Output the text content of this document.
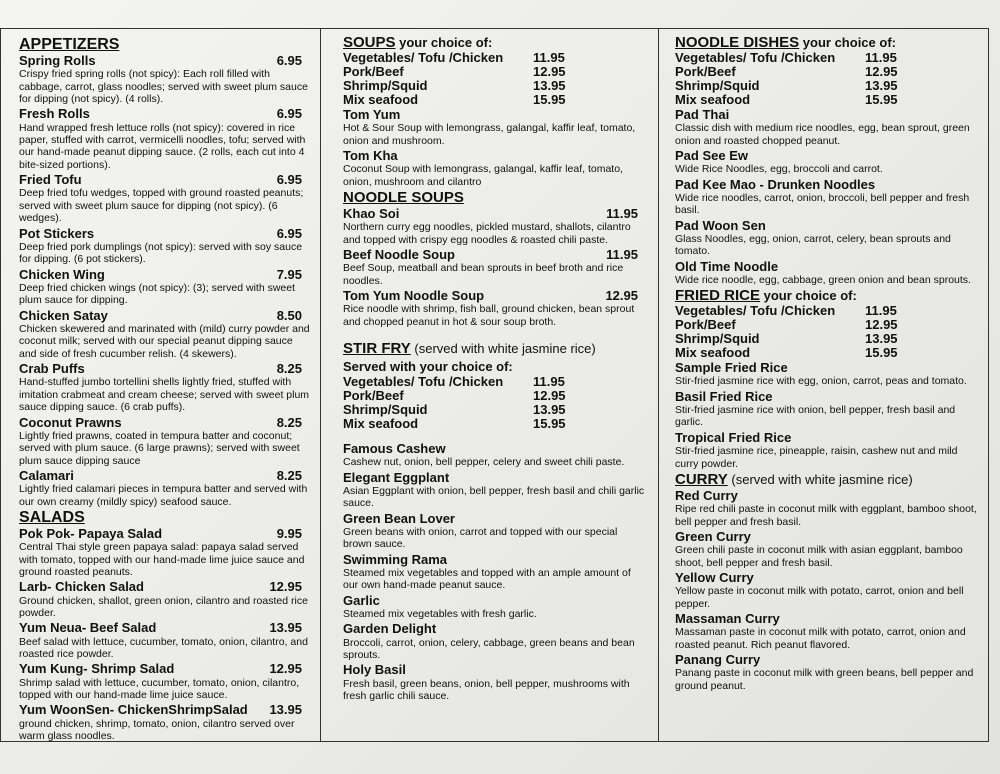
APPETIZERS
Spring Rolls	6.95
Crispy fried spring rolls (not spicy): Each roll filled with cabbage, carrot, glass noodles; served with sweet plum sauce for dipping (not spicy). (4 rolls).
Fresh Rolls	6.95
Hand wrapped fresh lettuce rolls (not spicy): covered in rice paper, stuffed with carrot, vermicelli noodles, tofu; served with our hand-made peanut dipping sauce. (2 rolls, each cut into 4 bite-sized portions).
Fried Tofu	6.95
Deep fried tofu wedges, topped with ground roasted peanuts; served with sweet plum sauce for dipping (not spicy). (6 wedges).
Pot Stickers	6.95
Deep fried pork dumplings (not spicy): served with soy sauce for dipping. (6 pot stickers).
Chicken Wing	7.95
Deep fried chicken wings (not spicy): (3); served with sweet plum sauce for dipping.
Chicken Satay	8.50
Chicken skewered and marinated with (mild) curry powder and coconut milk; served with our special peanut dipping sauce and side of fresh cucumber relish. (4 skewers).
Crab Puffs	8.25
Hand-stuffed jumbo tortellini shells lightly fried, stuffed with imitation crabmeat and cream cheese; served with sweet plum sauce dipping sauce. (6 crab puffs).
Coconut Prawns	8.25
Lightly fried prawns, coated in tempura batter and coconut; served with plum sauce. (6 large prawns); served with sweet plum sauce dipping sauce
Calamari	8.25
Lightly fried calamari pieces in tempura batter and served with our own creamy (mildly spicy) seafood sauce.
SALADS
Pok Pok- Papaya Salad	9.95
Central Thai style green papaya salad: papaya salad served with tomato, topped with our hand-made lime juice sauce and ground roasted peanuts.
Larb- Chicken Salad	12.95
Ground chicken, shallot, green onion, cilantro and roasted rice powder.
Yum Neua- Beef Salad	13.95
Beef salad with lettuce, cucumber, tomato, onion, cilantro, and roasted rice powder.
Yum Kung- Shrimp Salad	12.95
Shrimp salad with lettuce, cucumber, tomato, onion, cilantro, topped with our hand-made lime juice sauce.
Yum WoonSen- ChickenShrimpSalad 13.95
ground chicken, shrimp, tomato, onion, cilantro served over warm glass noodles.
SOUPS your choice of:
Vegetables/ Tofu /Chicken	11.95
Pork/Beef	12.95
Shrimp/Squid	13.95
Mix seafood	15.95
Tom Yum
Hot & Sour Soup with lemongrass, galangal, kaffir leaf, tomato, onion and mushroom.
Tom Kha
Coconut Soup with lemongrass, galangal, kaffir leaf, tomato, onion, mushroom and cilantro
NOODLE SOUPS
Khao Soi	11.95
Northern curry egg noodles, pickled mustard, shallots, cilantro and topped with crispy egg noodles & roasted chili paste.
Beef Noodle Soup	11.95
Beef Soup, meatball and bean sprouts in beef broth and rice noodles.
Tom Yum Noodle Soup	12.95
Rice noodle with shrimp, fish ball, ground chicken, bean sprout and chopped peanut in hot & sour soup broth.
STIR FRY (served with white jasmine rice)
Served with your choice of:
Vegetables/ Tofu /Chicken	11.95
Pork/Beef	12.95
Shrimp/Squid	13.95
Mix seafood	15.95
Famous Cashew
Cashew nut, onion, bell pepper, celery and sweet chili paste.
Elegant Eggplant
Asian Eggplant with onion, bell pepper, fresh basil and chili garlic sauce.
Green Bean Lover
Green beans with onion, carrot and topped with our special brown sauce.
Swimming Rama
Steamed mix vegetables and topped with an ample amount of our own hand-made peanut sauce.
Garlic
Steamed mix vegetables with fresh garlic.
Garden Delight
Broccoli, carrot, onion, celery, cabbage, green beans and bean sprouts.
Holy Basil
Fresh basil, green beans, onion, bell pepper, mushrooms with fresh garlic chili sauce.
NOODLE DISHES your choice of:
Vegetables/ Tofu /Chicken	11.95
Pork/Beef	12.95
Shrimp/Squid	13.95
Mix seafood	15.95
Pad Thai
Classic dish with medium rice noodles, egg, bean sprout, green onion and roasted chopped peanut.
Pad See Ew
Wide Rice Noodles, egg, broccoli and carrot.
Pad Kee Mao - Drunken Noodles
Wide rice noodles, carrot, onion, broccoli, bell pepper and fresh basil.
Pad Woon Sen
Glass Noodles, egg, onion, carrot, celery, bean sprouts and tomato.
Old Time Noodle
Wide rice noodle, egg, cabbage, green onion and bean sprouts.
FRIED RICE your choice of:
Vegetables/ Tofu /Chicken	11.95
Pork/Beef	12.95
Shrimp/Squid	13.95
Mix seafood	15.95
Sample Fried Rice
Stir-fried jasmine rice with egg, onion, carrot, peas and tomato.
Basil Fried Rice
Stir-fried jasmine rice with onion, bell pepper, fresh basil and garlic.
Tropical Fried Rice
Stir-fried jasmine rice, pineapple, raisin, cashew nut and mild curry powder.
CURRY (served with white jasmine rice)
Red Curry
Ripe red chili paste in coconut milk with eggplant, bamboo shoot, bell pepper and fresh basil.
Green Curry
Green chili paste in coconut milk with asian eggplant, bamboo shoot, bell pepper and fresh basil.
Yellow Curry
Yellow paste in coconut milk with potato, carrot, onion and bell pepper.
Massaman Curry
Massaman paste in coconut milk with potato, carrot, onion and roasted peanut. Rich peanut flavored.
Panang Curry
Panang paste in coconut milk with green beans, bell pepper and ground peanut.
